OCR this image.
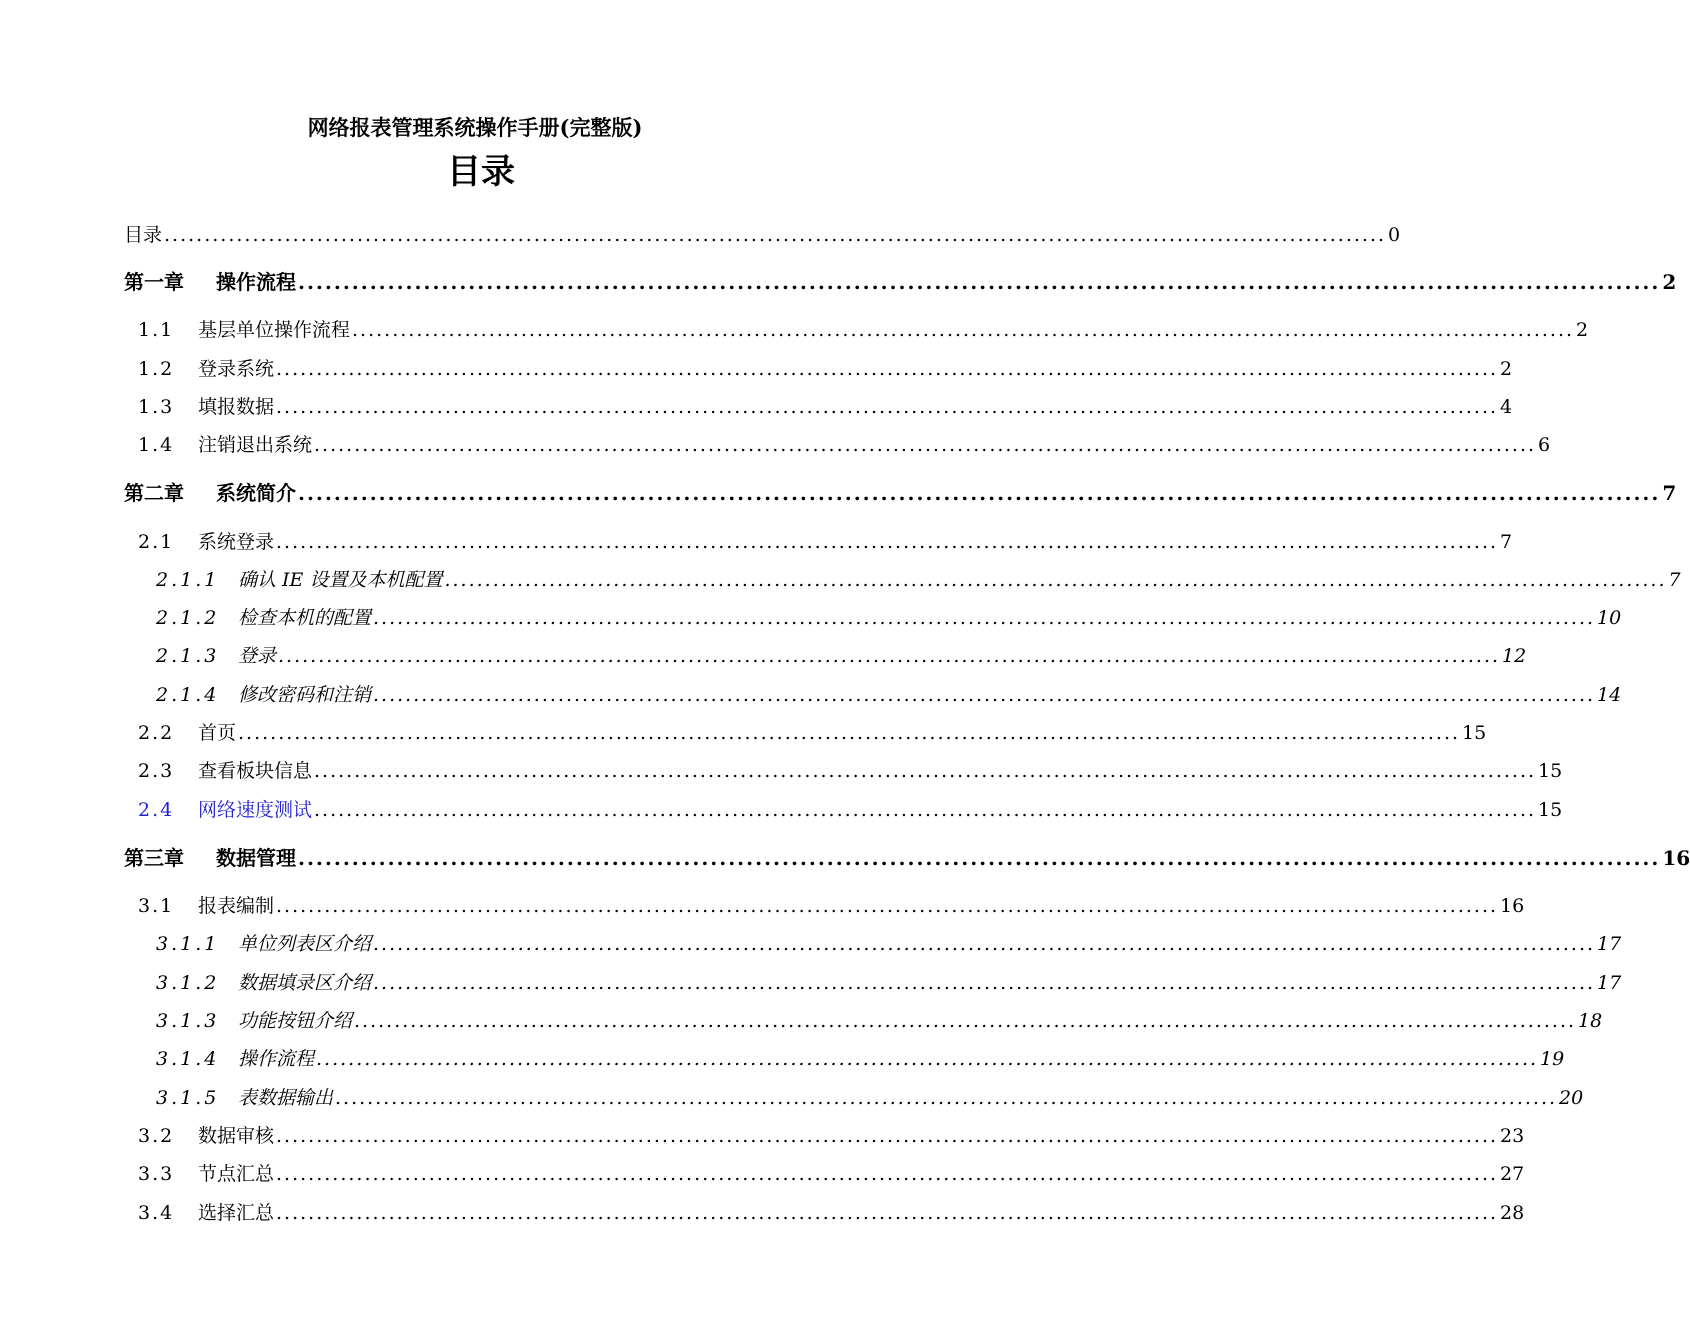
网络报表管理系统操作手册(完整版)
目录
目录 ........................................................................................................................................................ 0
第一章	操作流程 ........................................................................................................................................................ 2
1.1	基层单位操作流程 ........................................................................................................................................................ 2
1.2	登录系统 ........................................................................................................................................................ 2
1.3	填报数据 ........................................................................................................................................................ 4
1.4	注销退出系统 ........................................................................................................................................................ 6
第二章	系统简介 ........................................................................................................................................................ 7
2.1	系统登录 ........................................................................................................................................................ 7
2.1.1 确认 IE 设置及本机配置 ........................................................................................................................................................ 7
2.1.2 检查本机的配置 ........................................................................................................................................................ 10
2.1.3 登录 ........................................................................................................................................................ 12
2.1.4 修改密码和注销 ........................................................................................................................................................ 14
2.2	首页 ........................................................................................................................................................ 15
2.3	查看板块信息 ........................................................................................................................................................ 15
2.4	网络速度测试 ........................................................................................................................................................ 15
第三章	数据管理 ........................................................................................................................................................ 16
3.1	报表编制 ........................................................................................................................................................ 16
3.1.1 单位列表区介绍 ........................................................................................................................................................ 17
3.1.2 数据填录区介绍 ........................................................................................................................................................ 17
3.1.3 功能按钮介绍 ........................................................................................................................................................ 18
3.1.4 操作流程 ........................................................................................................................................................ 19
3.1.5 表数据输出 ........................................................................................................................................................ 20
3.2	数据审核 ........................................................................................................................................................ 23
3.3	节点汇总 ........................................................................................................................................................ 27
3.4	选择汇总 ........................................................................................................................................................ 28
